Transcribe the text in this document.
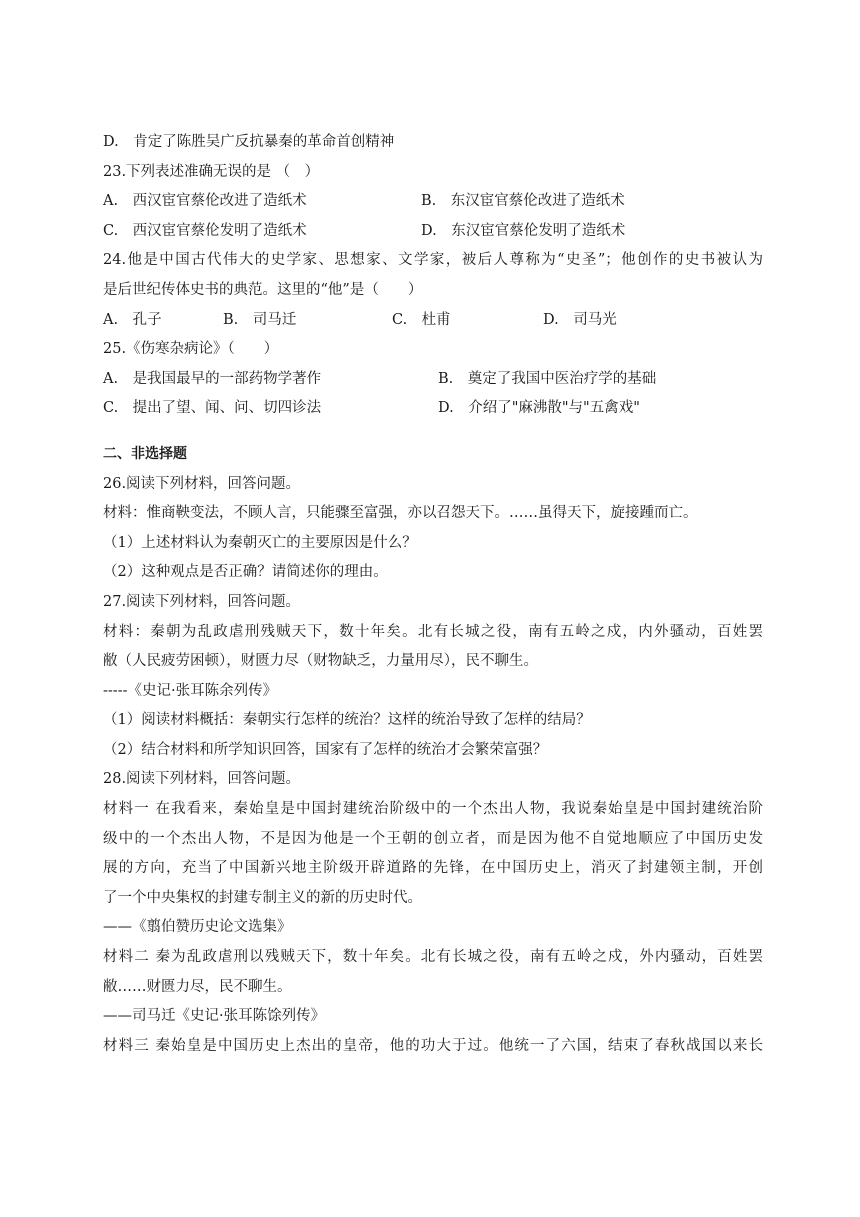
D.　肯定了陈胜吴广反抗暴秦的革命首创精神
23.下列表述准确无误的是 （　）
A.　西汉宦官蔡伦改进了造纸术	B.　东汉宦官蔡伦改进了造纸术
C.　西汉宦官蔡伦发明了造纸术	D.　东汉宦官蔡伦发明了造纸术
24.他是中国古代伟大的史学家、思想家、文学家，被后人尊称为“史圣”；他创作的史书被认为
是后世纪传体史书的典范。这里的“他”是（　　）
A.　孔子	B.　司马迁	C.　杜甫	D.　司马光
25.《伤寒杂病论》（　　）
A.　是我国最早的一部药物学著作	B.　奠定了我国中医治疗学的基础
C.　提出了望、闻、问、切四诊法	D.　介绍了"麻沸散"与"五禽戏"
二、非选择题
26.阅读下列材料，回答问题。
材料：惟商鞅变法，不顾人言，只能骤至富强，亦以召怨天下。……虽得天下，旋接踵而亡。
（1）上述材料认为秦朝灭亡的主要原因是什么？
（2）这种观点是否正确？请简述你的理由。
27.阅读下列材料，回答问题。
材料：秦朝为乱政虐刑残贼天下，数十年矣。北有长城之役，南有五岭之戍，内外骚动，百姓罢
敝（人民疲劳困顿），财匮力尽（财物缺乏，力量用尽），民不聊生。
-----《史记·张耳陈余列传》
（1）阅读材料概括：秦朝实行怎样的统治？这样的统治导致了怎样的结局？
（2）结合材料和所学知识回答，国家有了怎样的统治才会繁荣富强？
28.阅读下列材料，回答问题。
材料一 在我看来，秦始皇是中国封建统治阶级中的一个杰出人物，我说秦始皇是中国封建统治阶
级中的一个杰出人物，不是因为他是一个王朝的创立者，而是因为他不自觉地顺应了中国历史发
展的方向，充当了中国新兴地主阶级开辟道路的先锋，在中国历史上，消灭了封建领主制，开创
了一个中央集权的封建专制主义的新的历史时代。
——《翦伯赞历史论文选集》
材料二 秦为乱政虐刑以残贼天下，数十年矣。北有长城之役，南有五岭之戍，外内骚动，百姓罢
敝……财匮力尽，民不聊生。
——司马迁《史记·张耳陈馀列传》
材料三 秦始皇是中国历史上杰出的皇帝，他的功大于过。他统一了六国，结束了春秋战国以来长
